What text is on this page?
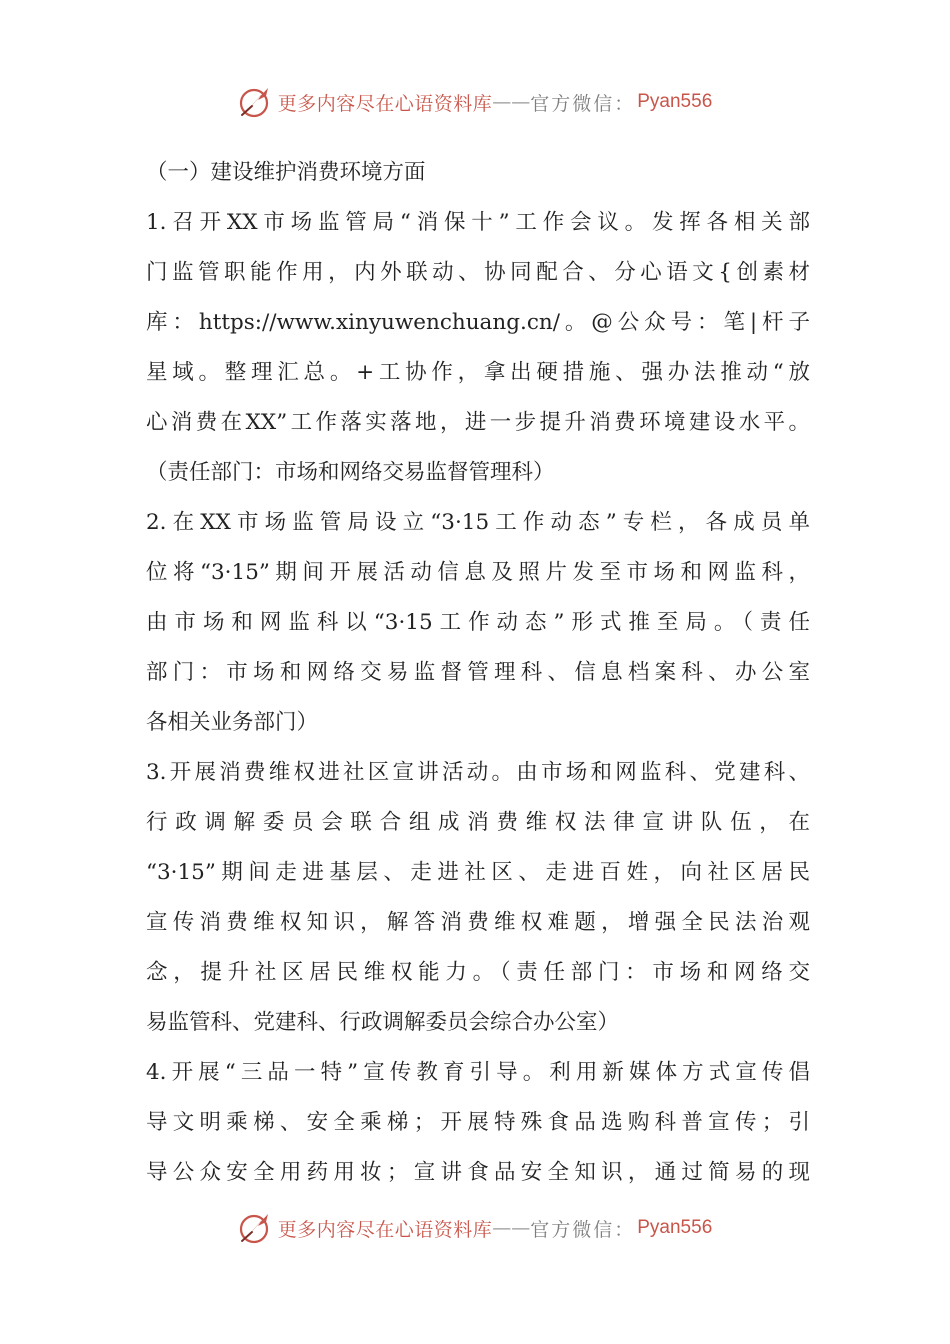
更多内容尽在心语资料库 —— 官方微信： Pyan556
（一）建设维护消费环境方面
1.召开XX市场监管局“消保十”工作会议。发挥各相关部
门监管职能作用，内外联动、协同配合、分心语文{创素材
库：https://www.xinyuwenchuang.cn/。@公众号：笔|杆子
星域。整理汇总。+工协作，拿出硬措施、强办法推动“放
心消费在XX”工作落实落地，进一步提升消费环境建设水平。
（责任部门：市场和网络交易监督管理科）
2.在XX市场监管局设立“3·15工作动态”专栏，各成员单
位将“3·15”期间开展活动信息及照片发至市场和网监科，
由市场和网监科以“3·15工作动态”形式推至局。（责任
部门：市场和网络交易监督管理科、信息档案科、办公室
各相关业务部门）
3.开展消费维权进社区宣讲活动。由市场和网监科、党建科、
行政调解委员会联合组成消费维权法律宣讲队伍，在
“3·15”期间走进基层、走进社区、走进百姓，向社区居民
宣传消费维权知识，解答消费维权难题，增强全民法治观
念，提升社区居民维权能力。（责任部门：市场和网络交
易监管科、党建科、行政调解委员会综合办公室）
4.开展“三品一特”宣传教育引导。利用新媒体方式宣传倡
导文明乘梯、安全乘梯；开展特殊食品选购科普宣传；引
导公众安全用药用妆；宣讲食品安全知识，通过简易的现
更多内容尽在心语资料库 —— 官方微信： Pyan556
